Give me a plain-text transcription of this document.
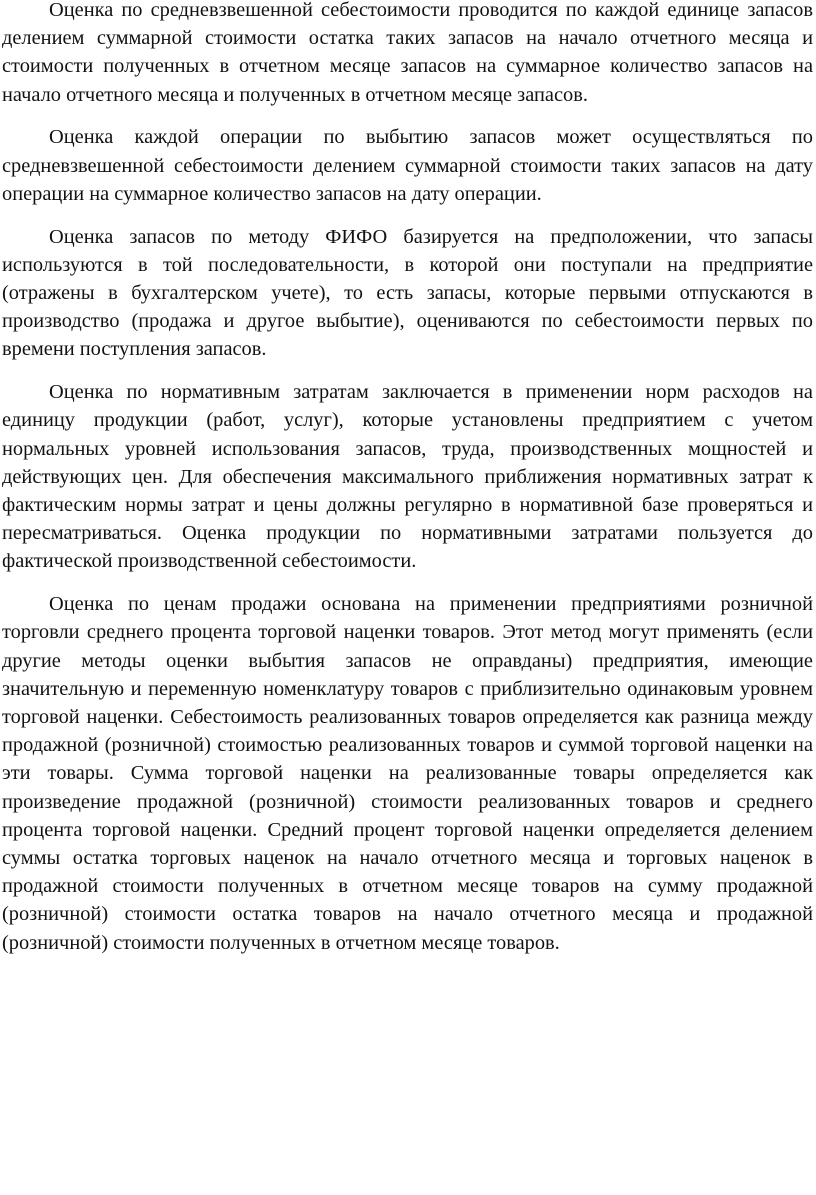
Оценка по средневзвешенной себестоимости проводится по каждой единице запасов делением суммарной стоимости остатка таких запасов на начало отчетного месяца и стоимости полученных в отчетном месяце запасов на суммарное количество запасов на начало отчетного месяца и полученных в отчетном месяце запасов.

Оценка каждой операции по выбытию запасов может осуществляться по средневзвешенной себестоимости делением суммарной стоимости таких запасов на дату операции на суммарное количество запасов на дату операции.

Оценка запасов по методу ФИФО базируется на предположении, что запасы используются в той последовательности, в которой они поступали на предприятие (отражены в бухгалтерском учете), то есть запасы, которые первыми отпускаются в производство (продажа и другое выбытие), оцениваются по себестоимости первых по времени поступления запасов.

Оценка по нормативным затратам заключается в применении норм расходов на единицу продукции (работ, услуг), которые установлены предприятием с учетом нормальных уровней использования запасов, труда, производственных мощностей и действующих цен. Для обеспечения максимального приближения нормативных затрат к фактическим нормы затрат и цены должны регулярно в нормативной базе проверяться и пересматриваться. Оценка продукции по нормативными затратами пользуется до фактической производственной себестоимости.

Оценка по ценам продажи основана на применении предприятиями розничной торговли среднего процента торговой наценки товаров. Этот метод могут применять (если другие методы оценки выбытия запасов не оправданы) предприятия, имеющие значительную и переменную номенклатуру товаров с приблизительно одинаковым уровнем торговой наценки. Себестоимость реализованных товаров определяется как разница между продажной (розничной) стоимостью реализованных товаров и суммой торговой наценки на эти товары. Сумма торговой наценки на реализованные товары определяется как произведение продажной (розничной) стоимости реализованных товаров и среднего процента торговой наценки. Средний процент торговой наценки определяется делением суммы остатка торговых наценок на начало отчетного месяца и торговых наценок в продажной стоимости полученных в отчетном месяце товаров на сумму продажной (розничной) стоимости остатка товаров на начало отчетного месяца и продажной (розничной) стоимости полученных в отчетном месяце товаров.
